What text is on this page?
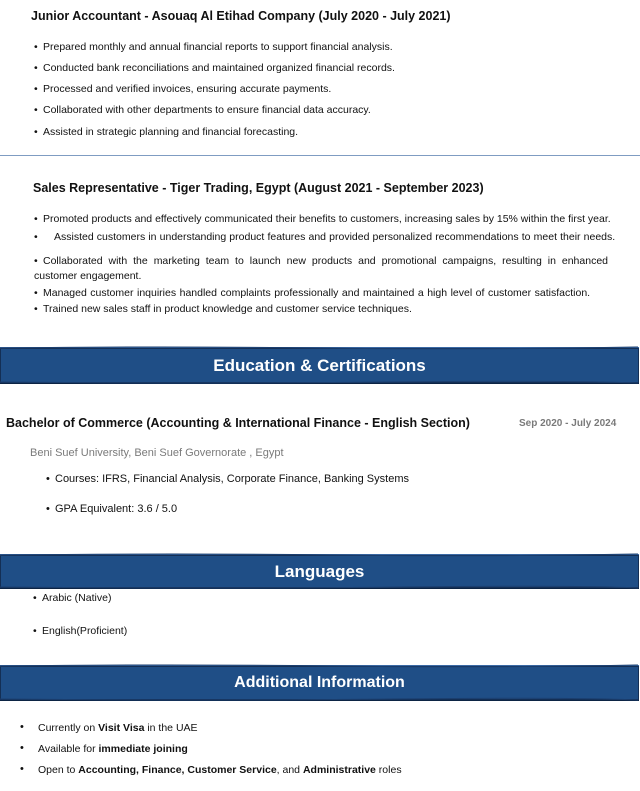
Junior Accountant - Asouaq Al Etihad Company (July 2020 - July 2021)
• Prepared monthly and annual financial reports to support financial analysis.
• Conducted bank reconciliations and maintained organized financial records.
• Processed and verified invoices, ensuring accurate payments.
• Collaborated with other departments to ensure financial data accuracy.
• Assisted in strategic planning and financial forecasting.
Sales Representative - Tiger Trading, Egypt (August 2021 - September 2023)
• Promoted products and effectively communicated their benefits to customers, increasing sales by 15% within the first year.
• Assisted customers in understanding product features and provided personalized recommendations to meet their needs.
• Collaborated with the marketing team to launch new products and promotional campaigns, resulting in enhanced customer engagement.
• Managed customer inquiries handled complaints professionally and maintained a high level of customer satisfaction.
• Trained new sales staff in product knowledge and customer service techniques.
Education & Certifications
Bachelor of Commerce (Accounting & International Finance - English Section)	Sep 2020 - July 2024
Beni Suef University, Beni Suef Governorate , Egypt
• Courses: IFRS, Financial Analysis, Corporate Finance, Banking Systems
• GPA Equivalent: 3.6 / 5.0
Languages
• Arabic (Native)
• English(Proficient)
Additional Information
• Currently on Visit Visa in the UAE
• Available for immediate joining
• Open to Accounting, Finance, Customer Service, and Administrative roles
